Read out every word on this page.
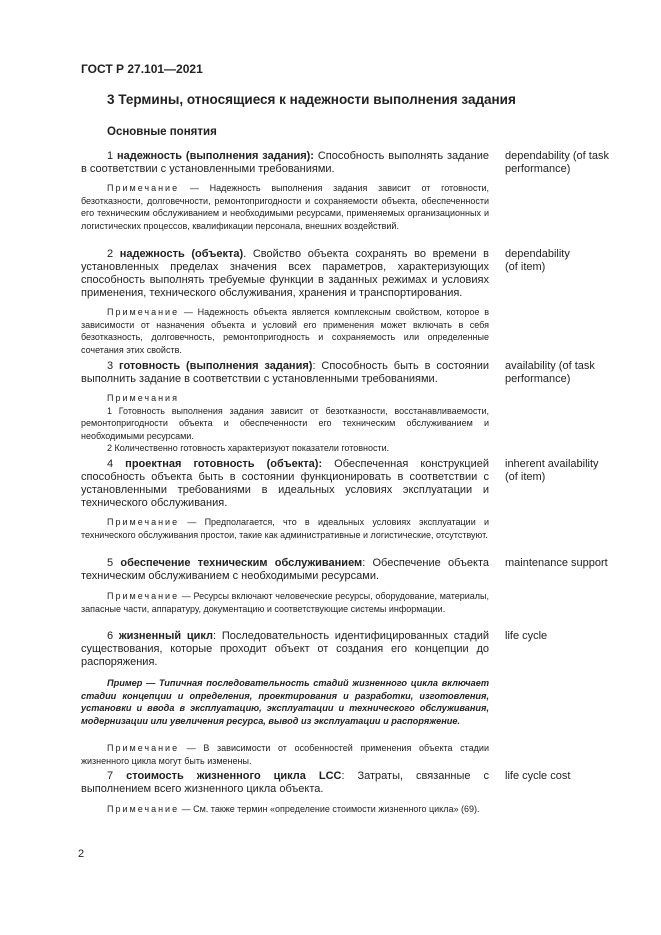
ГОСТ Р 27.101—2021
3 Термины, относящиеся к надежности выполнения задания
Основные понятия

1 надежность (выполнения задания): Способность выполнять задание в соответствии с установленными требованиями.

dependability (of task
performance)

Примечание — Надежность выполнения задания зависит от готовности, безотказности, долговечности, ремонтопригодности и сохраняемости объекта, обеспеченности его техническим обслуживанием и необходимыми ресурсами, применяемых организационных и логистических процессов, квалификации персонала, внешних воздействий.

2 надежность (объекта). Свойство объекта сохранять во времени в установленных пределах значения всех параметров, характеризующих способность выполнять требуемые функции в заданных режимах и условиях применения, технического обслуживания, хранения и транспортирования.

dependability
(of item)

Примечание — Надежность объекта является комплексным свойством, которое в зависимости от назначения объекта и условий его применения может включать в себя безотказность, долговечность, ремонтопригодность и сохраняемость или определенные сочетания этих свойств.

3 готовность (выполнения задания): Способность быть в состоянии выполнить задание в соответствии с установленными требованиями.

availability (of task
performance)

Примечания

1 Готовность выполнения задания зависит от безотказности, восстанавливаемости, ремонтопригодности объекта и обеспеченности его техническим обслуживанием и необходимыми ресурсами.

2 Количественно готовность характеризуют показатели готовности.

4 проектная готовность (объекта): Обеспеченная конструкцией способность объекта быть в состоянии функционировать в соответствии с установленными требованиями в идеальных условиях эксплуатации и технического обслуживания.

inherent availability
(of item)

Примечание — Предполагается, что в идеальных условиях эксплуатации и технического обслуживания простои, такие как административные и логистические, отсутствуют.

5 обеспечение техническим обслуживанием: Обеспечение объекта техническим обслуживанием с необходимыми ресурсами.

maintenance support

Примечание — Ресурсы включают человеческие ресурсы, оборудование, материалы, запасные части, аппаратуру, документацию и соответствующие системы информации.

6 жизненный цикл: Последовательность идентифицированных стадий существования, которые проходит объект от создания его концепции до распоряжения.

life cycle

Пример — Типичная последовательность стадий жизненного цикла включает стадии концепции и определения, проектирования и разработки, изготовления, установки и ввода в эксплуатацию, эксплуатации и технического обслуживания, модернизации или увеличения ресурса, вывод из эксплуатации и распоряжение.

Примечание — В зависимости от особенностей применения объекта стадии жизненного цикла могут быть изменены.

7 стоимость жизненного цикла LCC: Затраты, связанные с выполнением всего жизненного цикла объекта.

life cycle cost

Примечание — См. также термин «определение стоимости жизненного цикла» (69).

2
